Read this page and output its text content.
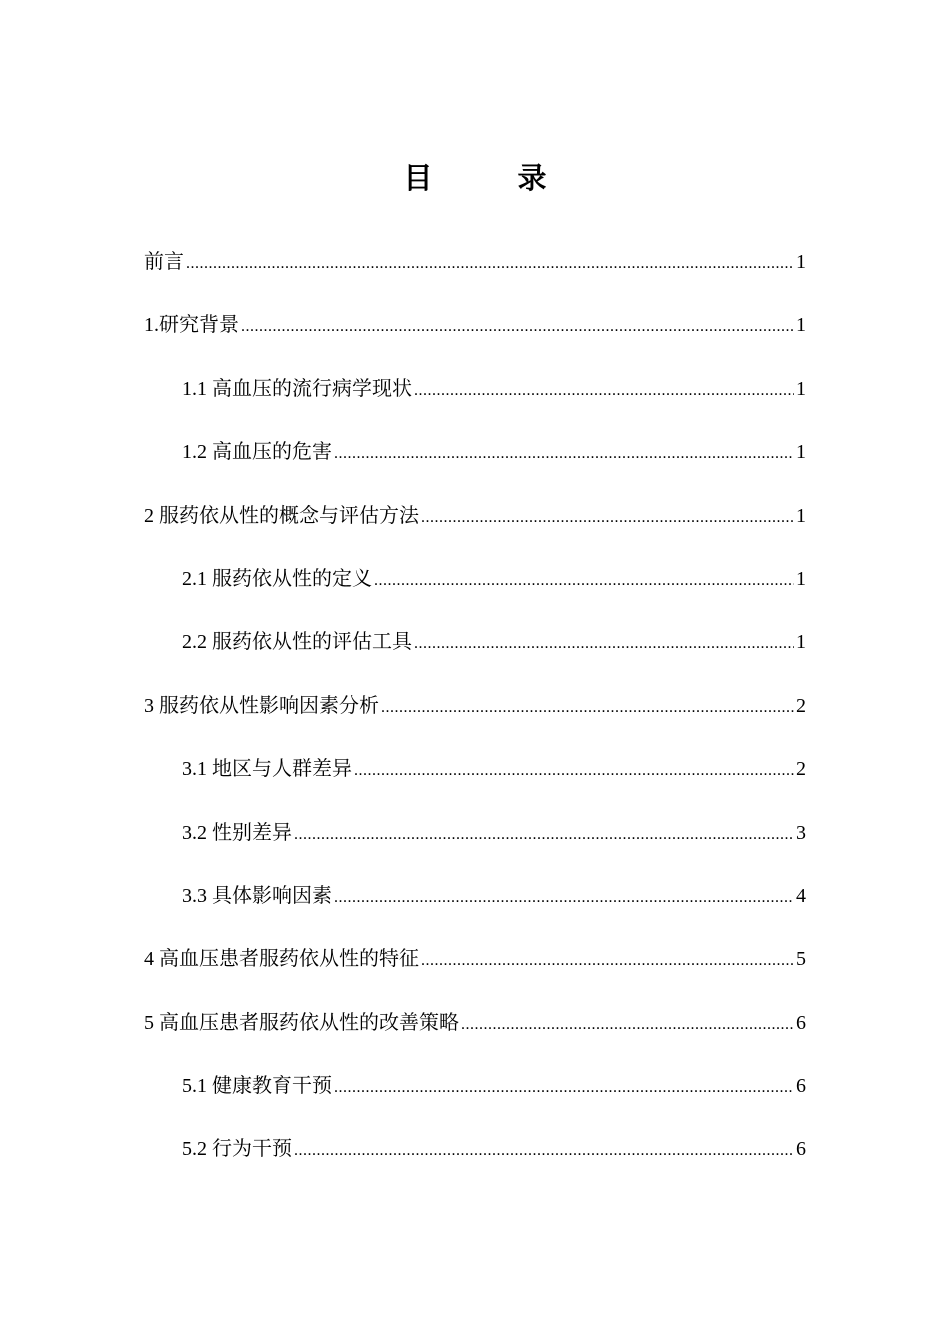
目　录
前言 .....	1
1.研究背景 .....	1
1.1 高血压的流行病学现状 .....	1
1.2 高血压的危害 .....	1
2 服药依从性的概念与评估方法 .....	1
2.1 服药依从性的定义 .....	1
2.2 服药依从性的评估工具 .....	1
3 服药依从性影响因素分析 .....	2
3.1 地区与人群差异 .....	2
3.2 性别差异 .....	3
3.3 具体影响因素 .....	4
4 高血压患者服药依从性的特征 .....	5
5 高血压患者服药依从性的改善策略 .....	6
5.1 健康教育干预 .....	6
5.2 行为干预 .....	6
